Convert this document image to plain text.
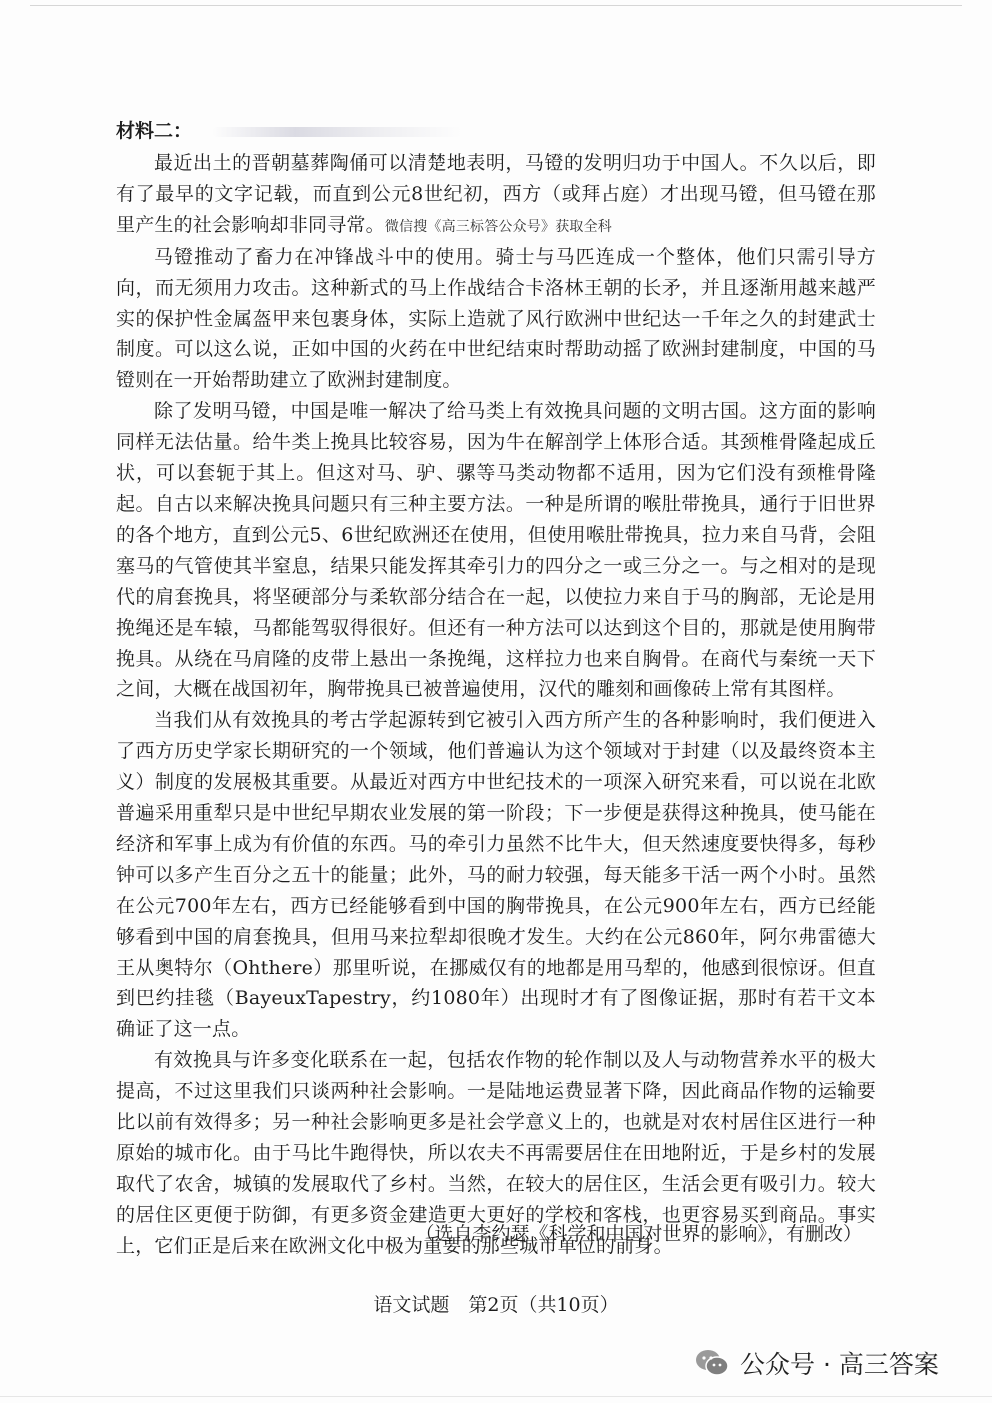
材料二：

最近出土的晋朝墓葬陶俑可以清楚地表明，马镫的发明归功于中国人。不久以后，即有了最早的文字记载，而直到公元8世纪初，西方（或拜占庭）才出现马镫，但马镫在那里产生的社会影响却非同寻常。微信搜《高三标答公众号》获取全科

马镫推动了畜力在冲锋战斗中的使用。骑士与马匹连成一个整体，他们只需引导方向，而无须用力攻击。这种新式的马上作战结合卡洛林王朝的长矛，并且逐渐用越来越严实的保护性金属盔甲来包裹身体，实际上造就了风行欧洲中世纪达一千年之久的封建武士制度。可以这么说，正如中国的火药在中世纪结束时帮助动摇了欧洲封建制度，中国的马镫则在一开始帮助建立了欧洲封建制度。

除了发明马镫，中国是唯一解决了给马类上有效挽具问题的文明古国。这方面的影响同样无法估量。给牛类上挽具比较容易，因为牛在解剖学上体形合适。其颈椎骨隆起成丘状，可以套轭于其上。但这对马、驴、骡等马类动物都不适用，因为它们没有颈椎骨隆起。自古以来解决挽具问题只有三种主要方法。一种是所谓的喉肚带挽具，通行于旧世界的各个地方，直到公元5、6世纪欧洲还在使用，但使用喉肚带挽具，拉力来自马背，会阻塞马的气管使其半窒息，结果只能发挥其牵引力的四分之一或三分之一。与之相对的是现代的肩套挽具，将坚硬部分与柔软部分结合在一起，以使拉力来自于马的胸部，无论是用挽绳还是车辕，马都能驾驭得很好。但还有一种方法可以达到这个目的，那就是使用胸带挽具。从绕在马肩隆的皮带上悬出一条挽绳，这样拉力也来自胸骨。在商代与秦统一天下之间，大概在战国初年，胸带挽具已被普遍使用，汉代的雕刻和画像砖上常有其图样。

当我们从有效挽具的考古学起源转到它被引入西方所产生的各种影响时，我们便进入了西方历史学家长期研究的一个领域，他们普遍认为这个领域对于封建（以及最终资本主义）制度的发展极其重要。从最近对西方中世纪技术的一项深入研究来看，可以说在北欧普遍采用重犁只是中世纪早期农业发展的第一阶段；下一步便是获得这种挽具，使马能在经济和军事上成为有价值的东西。马的牵引力虽然不比牛大，但天然速度要快得多，每秒钟可以多产生百分之五十的能量；此外，马的耐力较强，每天能多干活一两个小时。虽然在公元700年左右，西方已经能够看到中国的胸带挽具，在公元900年左右，西方已经能够看到中国的肩套挽具，但用马来拉犁却很晚才发生。大约在公元860年，阿尔弗雷德大王从奥特尔（Ohthere）那里听说，在挪威仅有的地都是用马犁的，他感到很惊讶。但直到巴约挂毯（BayeuxTapestry，约1080年）出现时才有了图像证据，那时有若干文本确证了这一点。

有效挽具与许多变化联系在一起，包括农作物的轮作制以及人与动物营养水平的极大提高，不过这里我们只谈两种社会影响。一是陆地运费显著下降，因此商品作物的运输要比以前有效得多；另一种社会影响更多是社会学意义上的，也就是对农村居住区进行一种原始的城市化。由于马比牛跑得快，所以农夫不再需要居住在田地附近，于是乡村的发展取代了农舍，城镇的发展取代了乡村。当然，在较大的居住区，生活会更有吸引力。较大的居住区更便于防御，有更多资金建造更大更好的学校和客栈，也更容易买到商品。事实上，它们正是后来在欧洲文化中极为重要的那些城市单位的前身。

（选自李约瑟《科学和中国对世界的影响》，有删改）
语文试题　第2页（共10页）
公众号 · 高三答案
